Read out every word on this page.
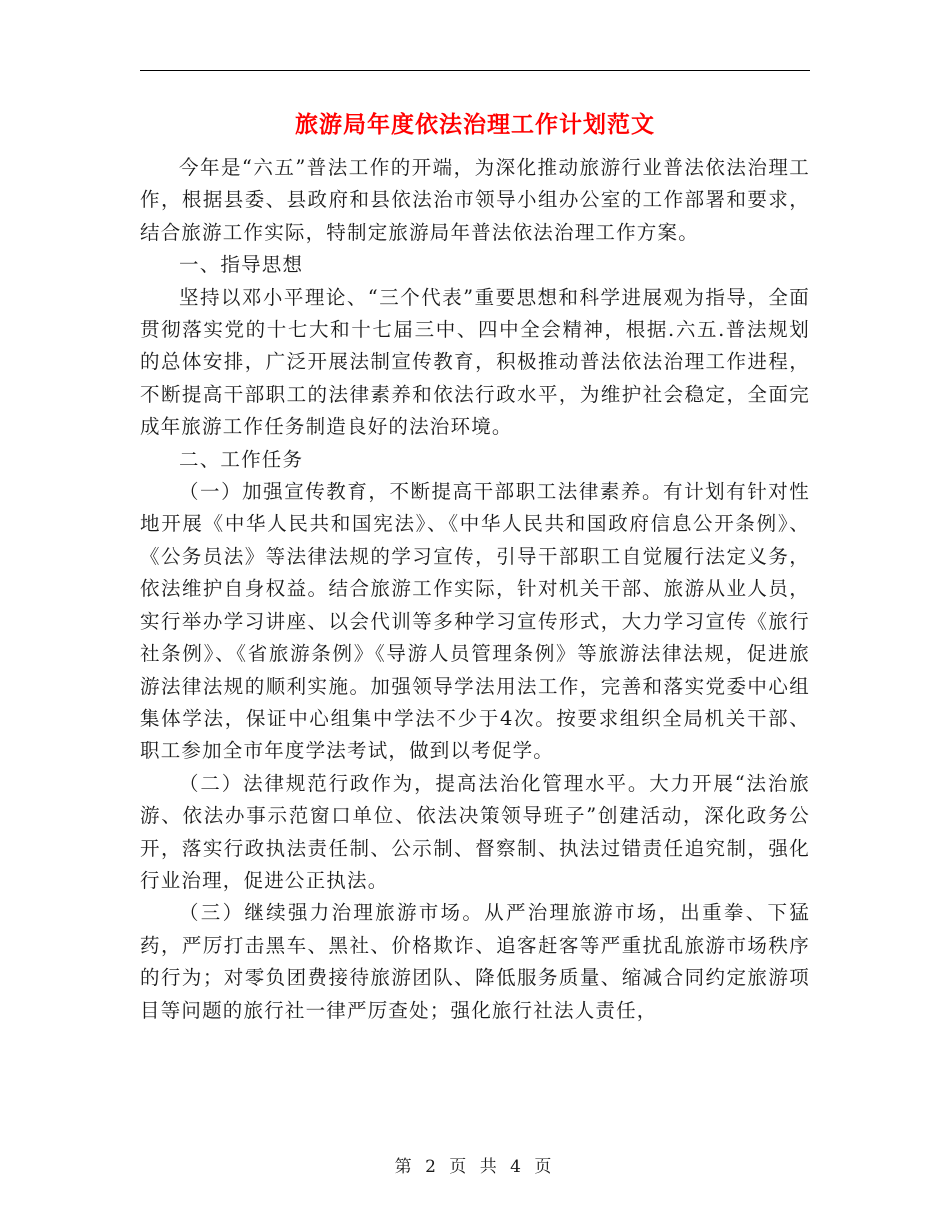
旅游局年度依法治理工作计划范文

今年是“六五”普法工作的开端，为深化推动旅游行业普法依法治理工作，根据县委、县政府和县依法治市领导小组办公室的工作部署和要求，结合旅游工作实际，特制定旅游局年普法依法治理工作方案。

一、指导思想

坚持以邓小平理论、“三个代表”重要思想和科学进展观为指导，全面贯彻落实党的十七大和十七届三中、四中全会精神，根据.六五.普法规划的总体安排，广泛开展法制宣传教育，积极推动普法依法治理工作进程，不断提高干部职工的法律素养和依法行政水平，为维护社会稳定，全面完成年旅游工作任务制造良好的法治环境。

二、工作任务

（一）加强宣传教育，不断提高干部职工法律素养。有计划有针对性地开展《中华人民共和国宪法》、《中华人民共和国政府信息公开条例》、《公务员法》等法律法规的学习宣传，引导干部职工自觉履行法定义务，依法维护自身权益。结合旅游工作实际，针对机关干部、旅游从业人员，实行举办学习讲座、以会代训等多种学习宣传形式，大力学习宣传《旅行社条例》、《省旅游条例》《导游人员管理条例》等旅游法律法规，促进旅游法律法规的顺利实施。加强领导学法用法工作，完善和落实党委中心组集体学法，保证中心组集中学法不少于4次。按要求组织全局机关干部、职工参加全市年度学法考试，做到以考促学。

（二）法律规范行政作为，提高法治化管理水平。大力开展“法治旅游、依法办事示范窗口单位、依法决策领导班子”创建活动，深化政务公开，落实行政执法责任制、公示制、督察制、执法过错责任追究制，强化行业治理，促进公正执法。

（三）继续强力治理旅游市场。从严治理旅游市场，出重拳、下猛药，严厉打击黑车、黑社、价格欺诈、追客赶客等严重扰乱旅游市场秩序的行为；对零负团费接待旅游团队、降低服务质量、缩减合同约定旅游项目等问题的旅行社一律严厉查处；强化旅行社法人责任，

第 2 页 共 4 页
